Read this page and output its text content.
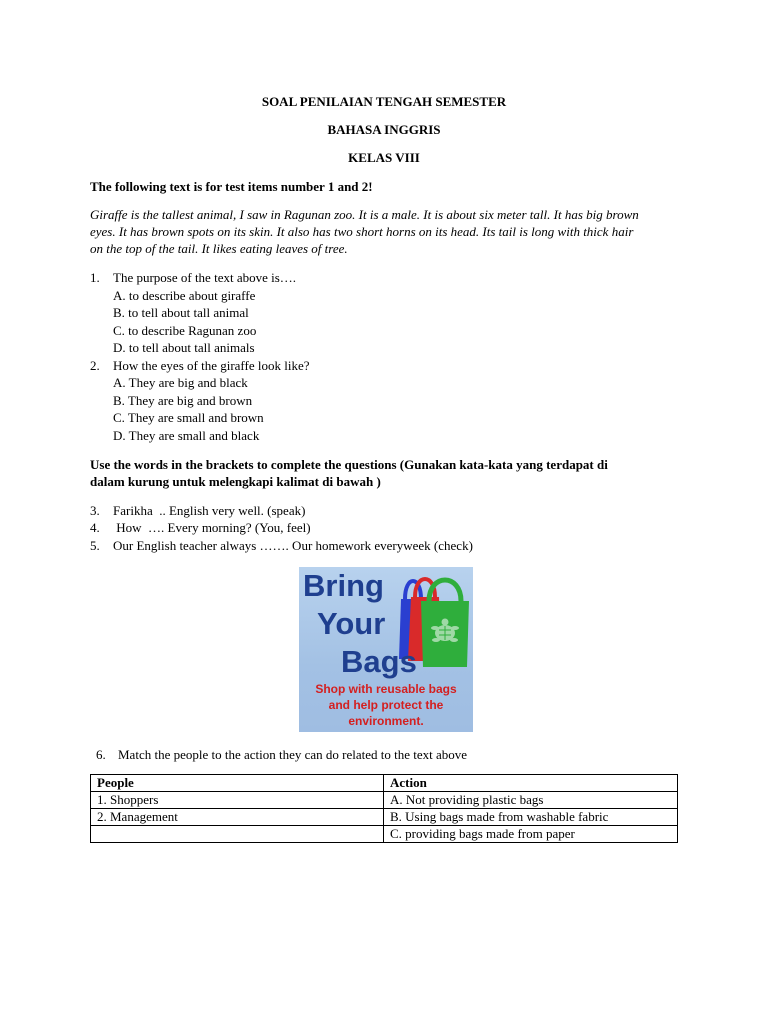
SOAL PENILAIAN TENGAH SEMESTER
BAHASA INGGRIS
KELAS VIII
The following text is for test items number 1 and 2!
Giraffe is the tallest animal, I saw in Ragunan zoo. It is a male. It is about six meter tall. It has big brown
eyes. It has brown spots on its skin. It also has two short horns on its head. Its tail is long with thick hair
on the top of the tail. It likes eating leaves of tree.
1.	The purpose of the text above is….
A. to describe about giraffe
B. to tell about tall animal
C. to describe Ragunan zoo
D. to tell about tall animals
2.	How the eyes of the giraffe look like?
A. They are big and black
B. They are big and brown
C. They are small and brown
D. They are small and black
Use the words in the brackets to complete the questions (Gunakan kata-kata yang terdapat di
dalam kurung untuk melengkapi kalimat di bawah )
3.	Farikha  .. English very well. (speak)
4.	How  …. Every morning? (You, feel)
5.	Our English teacher always ……. Our homework everyweek (check)
Bring
Your
Bags
Shop with reusable bags
and help protect the
environment.
6. Match the people to the action they can do related to the text above
People	Action
1. Shoppers	A. Not providing plastic bags
2. Management	B. Using bags made from washable fabric
	C. providing bags made from paper
